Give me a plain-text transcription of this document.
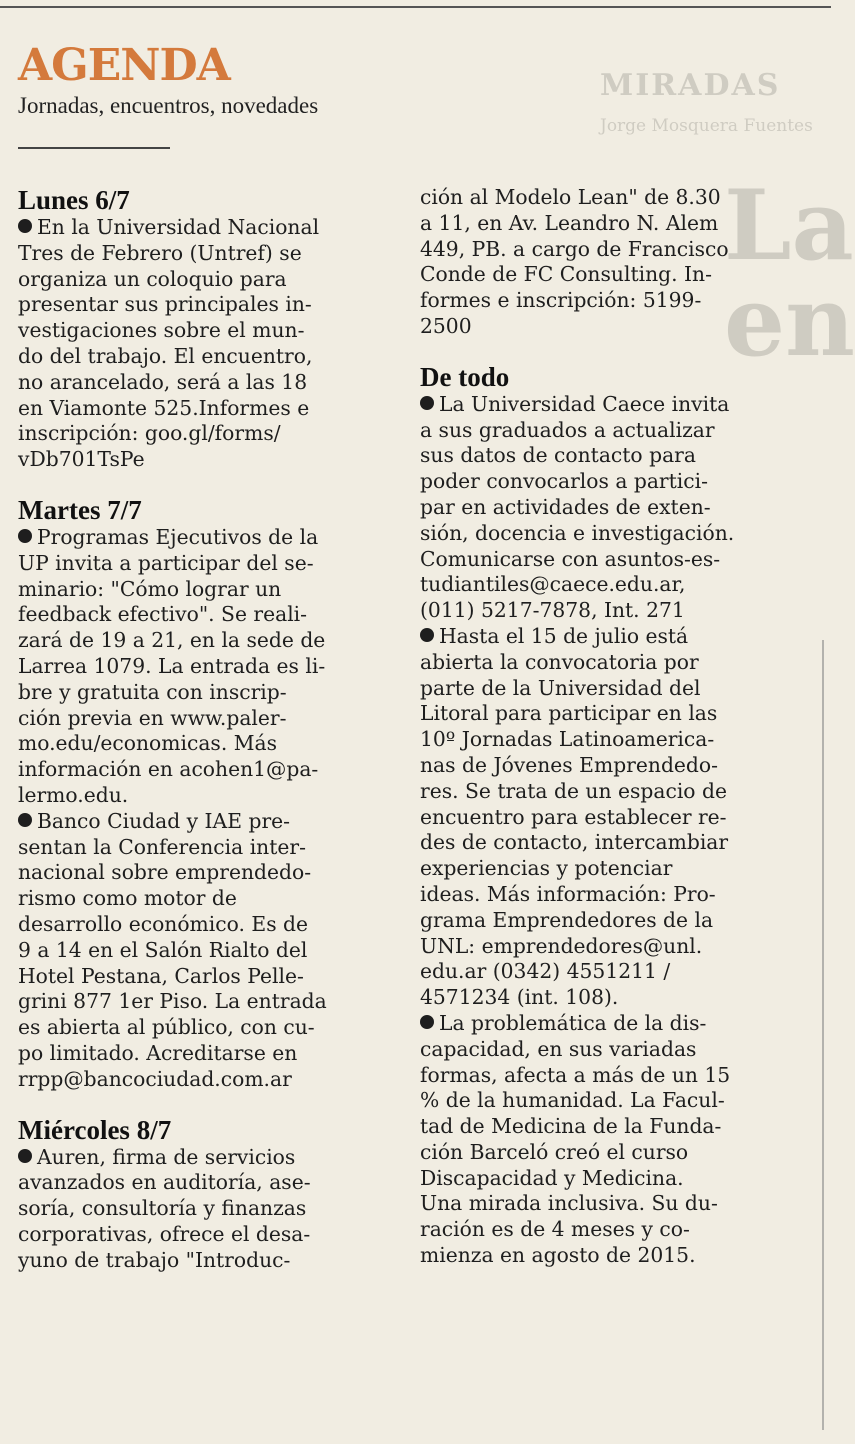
MIRADAS
Jorge Mosquera Fuentes
La
en
AGENDA
Jornadas, encuentros, novedades
Lunes 6/7

En la Universidad Nacional
Tres de Febrero (Untref) se
organiza un coloquio para
presentar sus principales in-
vestigaciones sobre el mun-
do del trabajo. El encuentro,
no arancelado, será a las 18
en Viamonte 525.Informes e
inscripción: goo.gl/forms/
vDb701TsPe

Martes 7/7

Programas Ejecutivos de la
UP invita a participar del se-
minario: "Cómo lograr un
feedback efectivo". Se reali-
zará de 19 a 21, en la sede de
Larrea 1079. La entrada es li-
bre y gratuita con inscrip-
ción previa en www.paler-
mo.edu/economicas. Más
información en acohen1@pa-
lermo.edu.

Banco Ciudad y IAE pre-
sentan la Conferencia inter-
nacional sobre emprendedo-
rismo como motor de
desarrollo económico. Es de
9 a 14 en el Salón Rialto del
Hotel Pestana, Carlos Pelle-
grini 877 1er Piso. La entrada
es abierta al público, con cu-
po limitado. Acreditarse en
rrpp@bancociudad.com.ar

Miércoles 8/7

Auren, firma de servicios
avanzados en auditoría, ase-
soría, consultoría y finanzas
corporativas, ofrece el desa-
yuno de trabajo "Introduc-

ción al Modelo Lean" de 8.30
a 11, en Av. Leandro N. Alem
449, PB. a cargo de Francisco
Conde de FC Consulting. In-
formes e inscripción: 5199-
2500

De todo

La Universidad Caece invita
a sus graduados a actualizar
sus datos de contacto para
poder convocarlos a partici-
par en actividades de exten-
sión, docencia e investigación.
Comunicarse con asuntos-es-
tudiantiles@caece.edu.ar,
(011) 5217-7878, Int. 271

Hasta el 15 de julio está
abierta la convocatoria por
parte de la Universidad del
Litoral para participar en las
10º Jornadas Latinoamerica-
nas de Jóvenes Emprendedo-
res. Se trata de un espacio de
encuentro para establecer re-
des de contacto, intercambiar
experiencias y potenciar
ideas. Más información: Pro-
grama Emprendedores de la
UNL: emprendedores@unl.
edu.ar (0342) 4551211 /
4571234 (int. 108).

La problemática de la dis-
capacidad, en sus variadas
formas, afecta a más de un 15
% de la humanidad. La Facul-
tad de Medicina de la Funda-
ción Barceló creó el curso
Discapacidad y Medicina.
Una mirada inclusiva. Su du-
ración es de 4 meses y co-
mienza en agosto de 2015.
